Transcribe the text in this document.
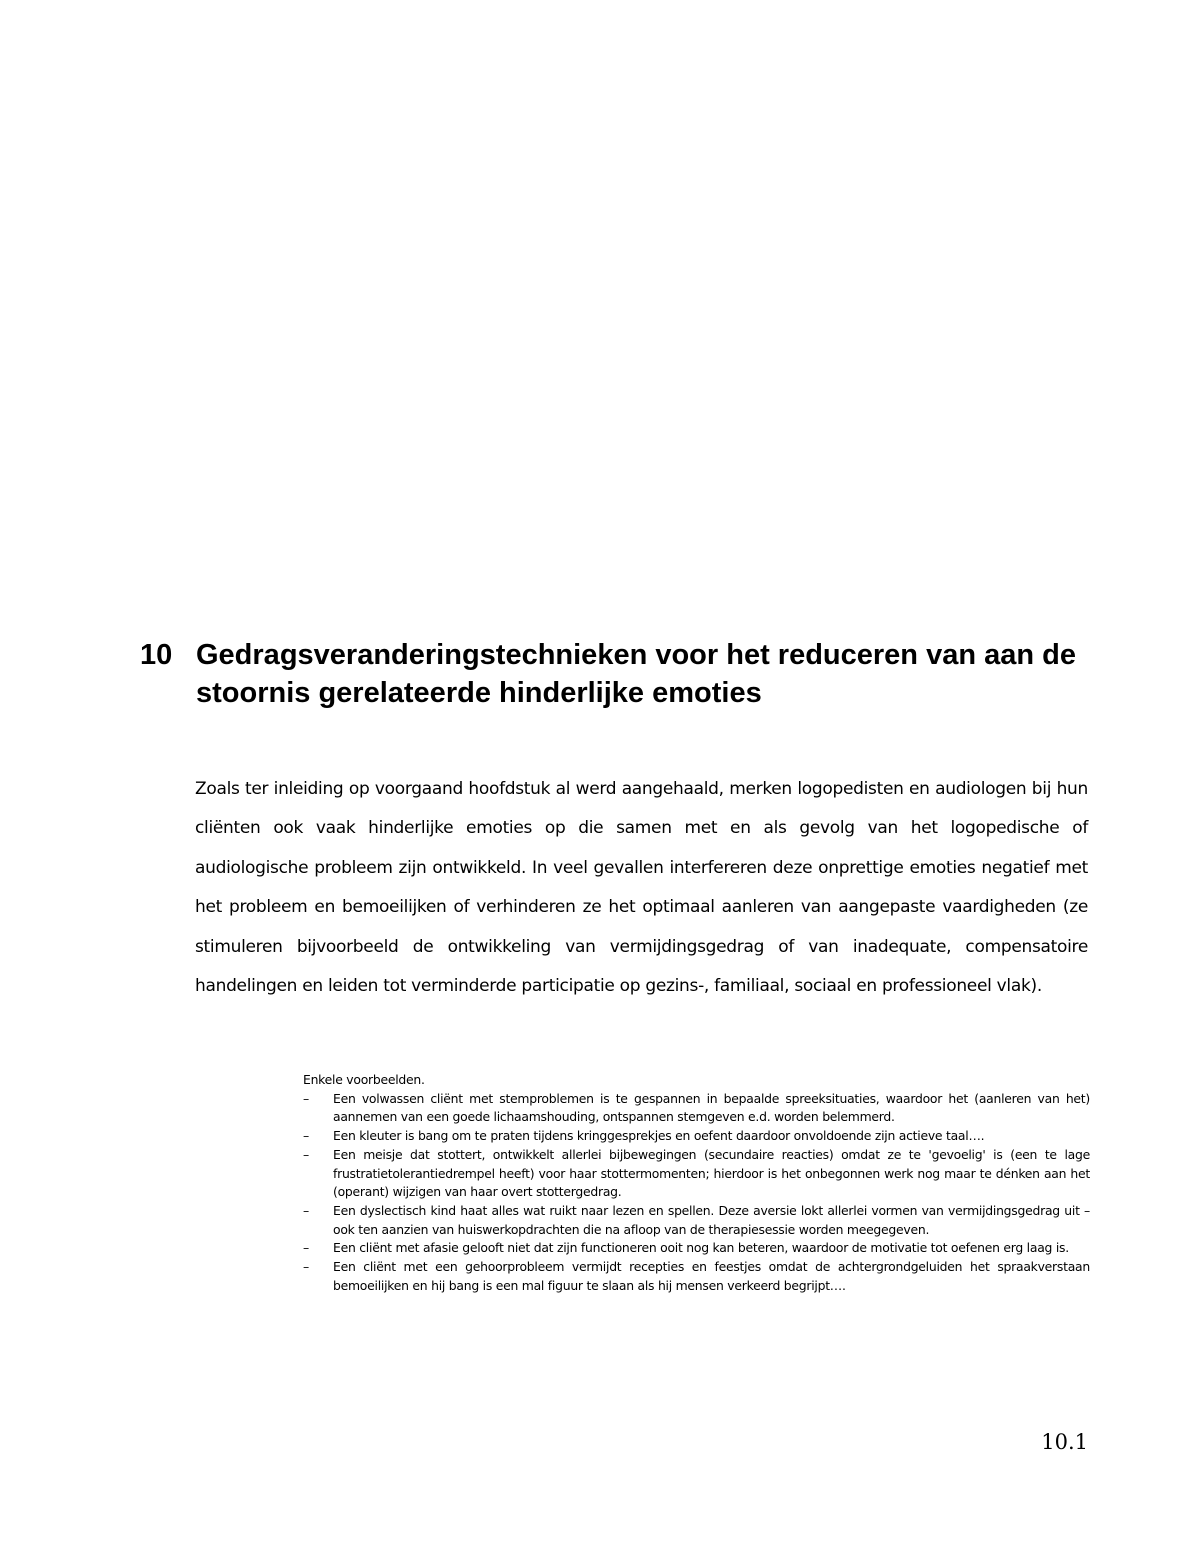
10 Gedragsveranderingstechnieken voor het reduceren van aan de stoornis gerelateerde hinderlijke emoties

Zoals ter inleiding op voorgaand hoofdstuk al werd aangehaald, merken logopedisten en audiologen bij hun cliënten ook vaak hinderlijke emoties op die samen met en als gevolg van het logopedische of audiologische probleem zijn ontwikkeld. In veel gevallen interfereren deze onprettige emoties negatief met het probleem en bemoeilijken of verhinderen ze het optimaal aanleren van aangepaste vaardigheden (ze stimuleren bijvoorbeeld de ontwikkeling van vermijdingsgedrag of van inadequate, compensatoire handelingen en leiden tot verminderde participatie op gezins-, familiaal, sociaal en professioneel vlak).

Enkele voorbeelden.

– Een volwassen cliënt met stemproblemen is te gespannen in bepaalde spreeksituaties, waardoor het (aanleren van het) aannemen van een goede lichaamshouding, ontspannen stemgeven e.d. worden belemmerd.
– Een kleuter is bang om te praten tijdens kringgesprekjes en oefent daardoor onvoldoende zijn actieve taal….
– Een meisje dat stottert, ontwikkelt allerlei bijbewegingen (secundaire reacties) omdat ze te 'gevoelig' is (een te lage frustratietolerantiedrempel heeft) voor haar stottermomenten; hierdoor is het onbegonnen werk nog maar te dénken aan het (operant) wijzigen van haar overt stottergedrag.
– Een dyslectisch kind haat alles wat ruikt naar lezen en spellen. Deze aversie lokt allerlei vormen van vermijdingsgedrag uit – ook ten aanzien van huiswerkopdrachten die na afloop van de therapiesessie worden meegegeven.
– Een cliënt met afasie gelooft niet dat zijn functioneren ooit nog kan beteren, waardoor de motivatie tot oefenen erg laag is.
– Een cliënt met een gehoorprobleem vermijdt recepties en feestjes omdat de achtergrondgeluiden het spraakverstaan bemoeilijken en hij bang is een mal figuur te slaan als hij mensen verkeerd begrijpt….
10.1
